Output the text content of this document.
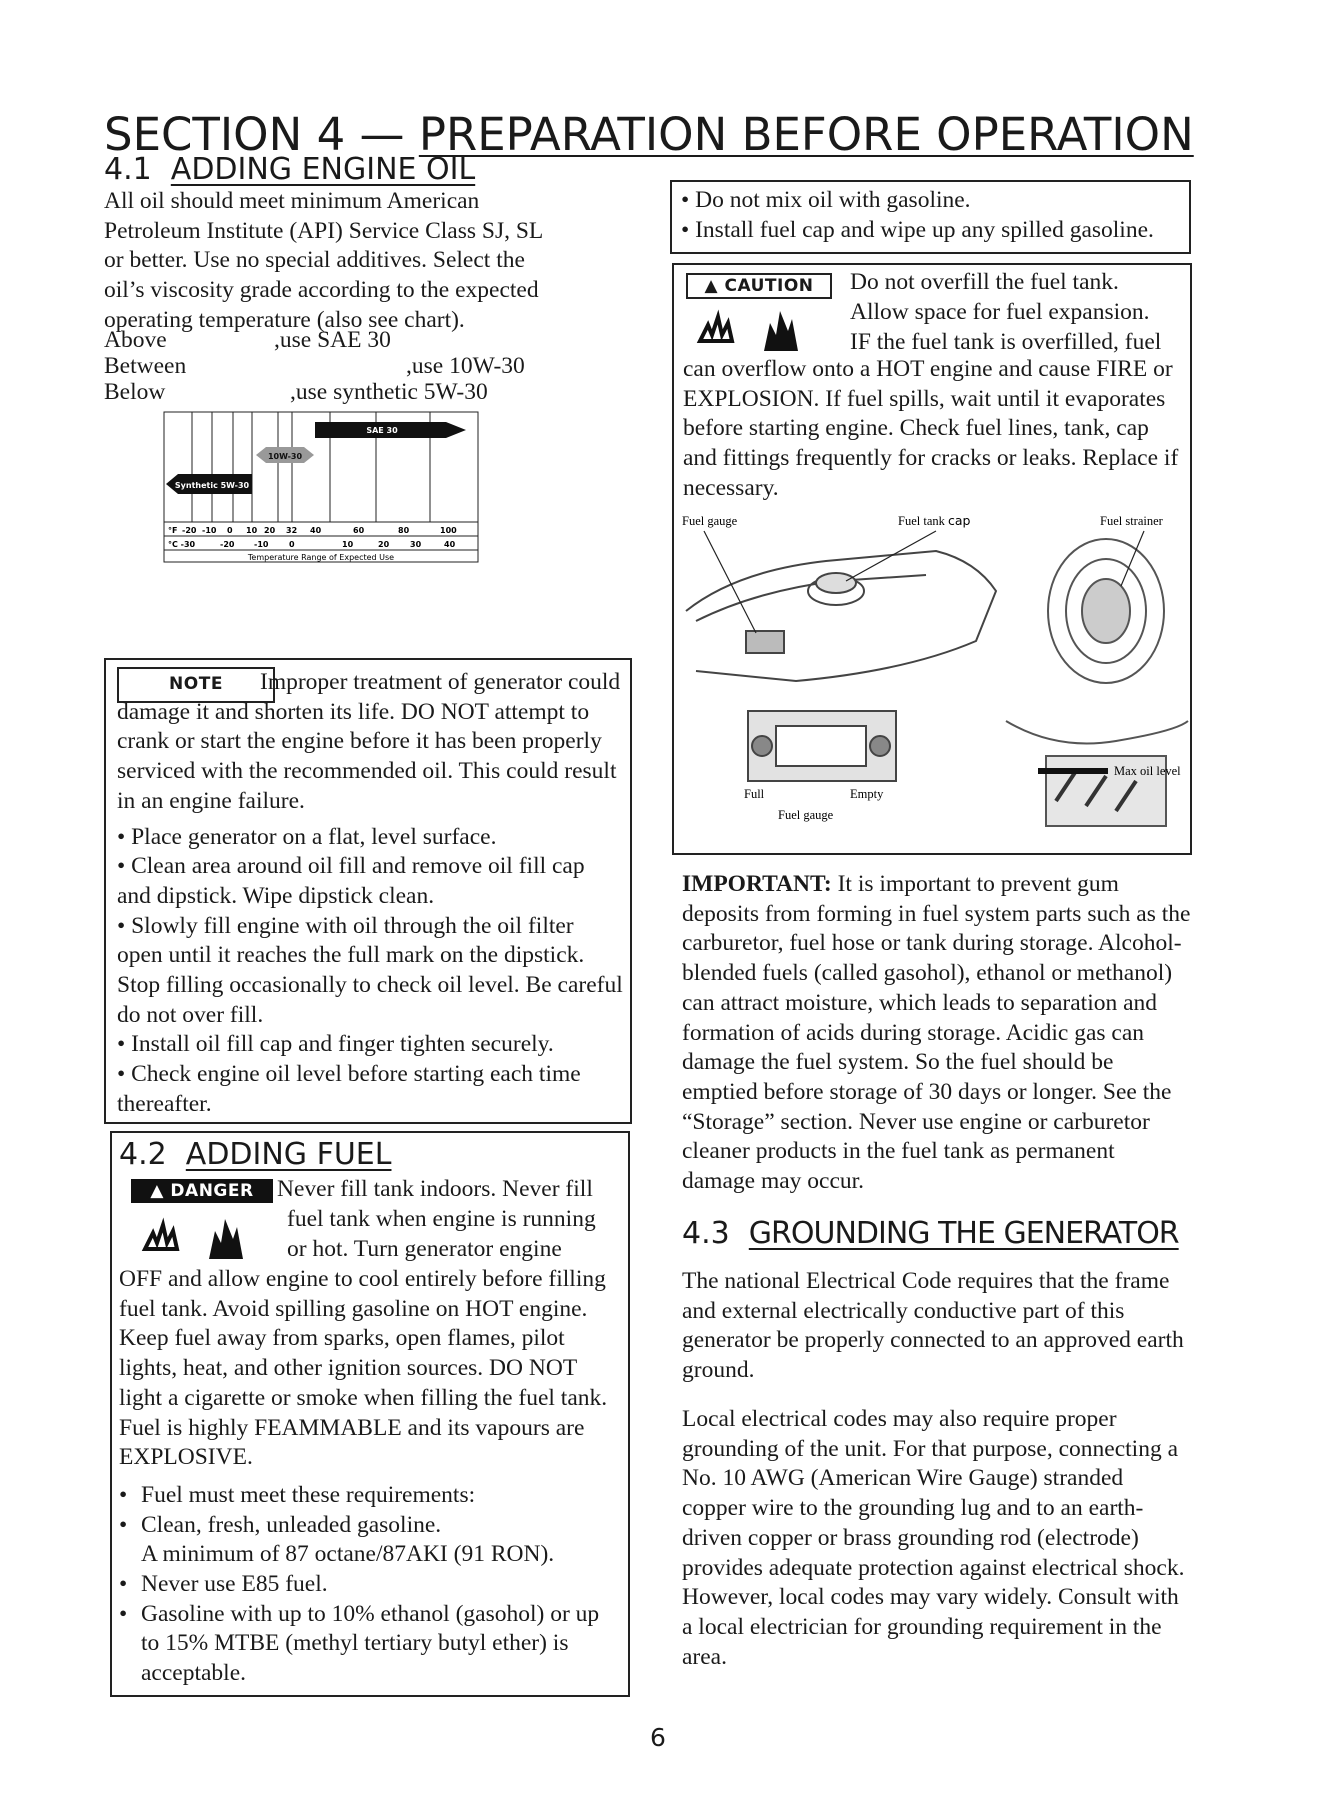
SECTION 4 — PREPARATION BEFORE OPERATION
4.1 ADDING ENGINE OIL
All oil should meet minimum American Petroleum Institute (API) Service Class SJ, SL or better. Use no special additives. Select the oil’s viscosity grade according to the expected operating temperature (also see chart).
Above	,use SAE 30
Between	,use 10W-30
Below	,use synthetic 5W-30
SAE 30
10W-30
Synthetic 5W-30
°F -20 -10 0 10 20 32 40	60	80	100
°C -30	-20 -10	0	10	20	30	40
Temperature Range of Expected Use
NOTE	Improper treatment of generator could damage it and shorten its life. DO NOT attempt to crank or start the engine before it has been properly serviced with the recommended oil. This could result in an engine failure.
• Place generator on a flat, level surface.
• Clean area around oil fill and remove oil fill cap and dipstick. Wipe dipstick clean.
• Slowly fill engine with oil through the oil filter open until it reaches the full mark on the dipstick. Stop filling occasionally to check oil level. Be careful do not over fill.
• Install oil fill cap and finger tighten securely.
• Check engine oil level before starting each time thereafter.
4.2 ADDING FUEL
▲ DANGER Never fill tank indoors. Never fill
fuel tank when engine is running
or hot. Turn generator engine
OFF and allow engine to cool entirely before filling fuel tank. Avoid spilling gasoline on HOT engine. Keep fuel away from sparks, open flames, pilot lights, heat, and other ignition sources. DO NOT light a cigarette or smoke when filling the fuel tank. Fuel is highly FEAMMABLE and its vapours are EXPLOSIVE.
• Fuel must meet these requirements:
• Clean, fresh, unleaded gasoline.
A minimum of 87 octane/87AKI (91 RON).
• Never use E85 fuel.
• Gasoline with up to 10% ethanol (gasohol) or up to 15% MTBE (methyl tertiary butyl ether) is acceptable.
• Do not mix oil with gasoline.
• Install fuel cap and wipe up any spilled gasoline.
▲ CAUTION	Do not overfill the fuel tank.
Allow space for fuel expansion.
IF the fuel tank is overfilled, fuel
can overflow onto a HOT engine and cause FIRE or EXPLOSION. If fuel spills, wait until it evaporates before starting engine. Check fuel lines, tank, cap and fittings frequently for cracks or leaks. Replace if necessary.
Fuel gauge	Fuel tank cap	Fuel strainer
Max oil level
Full	Empty
Fuel gauge
IMPORTANT: It is important to prevent gum deposits from forming in fuel system parts such as the carburetor, fuel hose or tank during storage. Alcohol-blended fuels (called gasohol), ethanol or methanol) can attract moisture, which leads to separation and formation of acids during storage. Acidic gas can damage the fuel system. So the fuel should be emptied before storage of 30 days or longer. See the “Storage” section. Never use engine or carburetor cleaner products in the fuel tank as permanent damage may occur.
4.3 GROUNDING THE GENERATOR
The national Electrical Code requires that the frame and external electrically conductive part of this generator be properly connected to an approved earth ground.
Local electrical codes may also require proper grounding of the unit. For that purpose, connecting a No. 10 AWG (American Wire Gauge) stranded copper wire to the grounding lug and to an earth-driven copper or brass grounding rod (electrode) provides adequate protection against electrical shock. However, local codes may vary widely. Consult with a local electrician for grounding requirement in the area.
6
